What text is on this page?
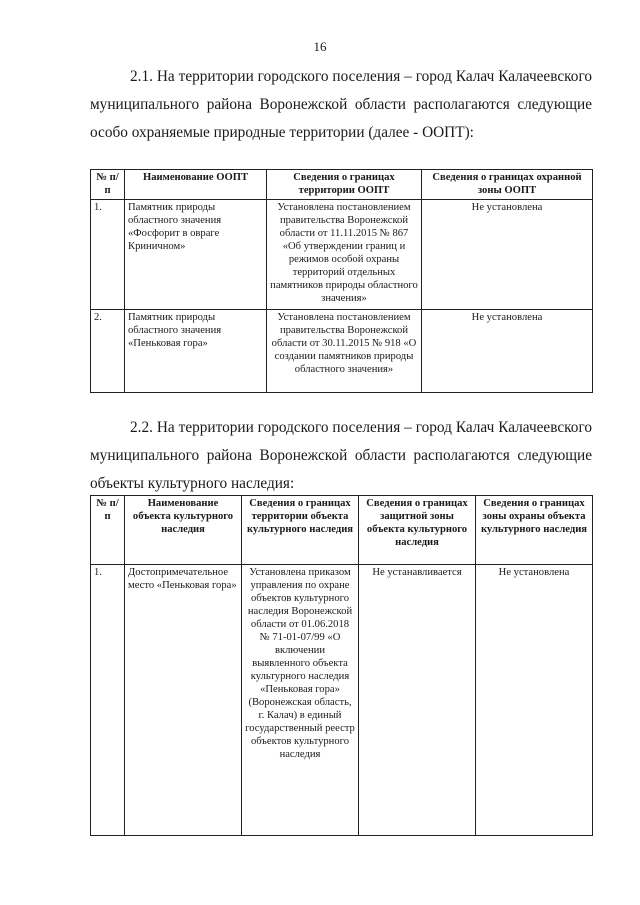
16

2.1. На территории городского поселения – город Калач Калачеевского муниципального района Воронежской области располагаются следующие особо охраняемые природные территории (далее - ООПТ):

№ п/п	Наименование ООПТ	Сведения о границах территории ООПТ	Сведения о границах охранной зоны ООПТ
1.	Памятник природы областного значения «Фосфорит в овраге Криничном»	Установлена постановлением правительства Воронежской области от 11.11.2015 № 867 «Об утверждении границ и режимов особой охраны территорий отдельных памятников природы областного значения»	Не установлена
2.	Памятник природы областного значения «Пеньковая гора»	Установлена постановлением правительства Воронежской области от 30.11.2015 № 918 «О создании памятников природы областного значения»	Не установлена

2.2. На территории городского поселения – город Калач Калачеевского муниципального района Воронежской области располагаются следующие объекты культурного наследия:

№ п/п	Наименование объекта культурного наследия	Сведения о границах территории объекта культурного наследия	Сведения о границах защитной зоны объекта культурного наследия	Сведения о границах зоны охраны объекта культурного наследия
1.	Достопримечательное место «Пеньковая гора»	Установлена приказом управления по охране объектов культурного наследия Воронежской области от 01.06.2018 № 71-01-07/99 «О включении выявленного объекта культурного наследия «Пеньковая гора» (Воронежская область, г. Калач) в единый государственный реестр объектов культурного наследия	Не устанавливается	Не установлена
